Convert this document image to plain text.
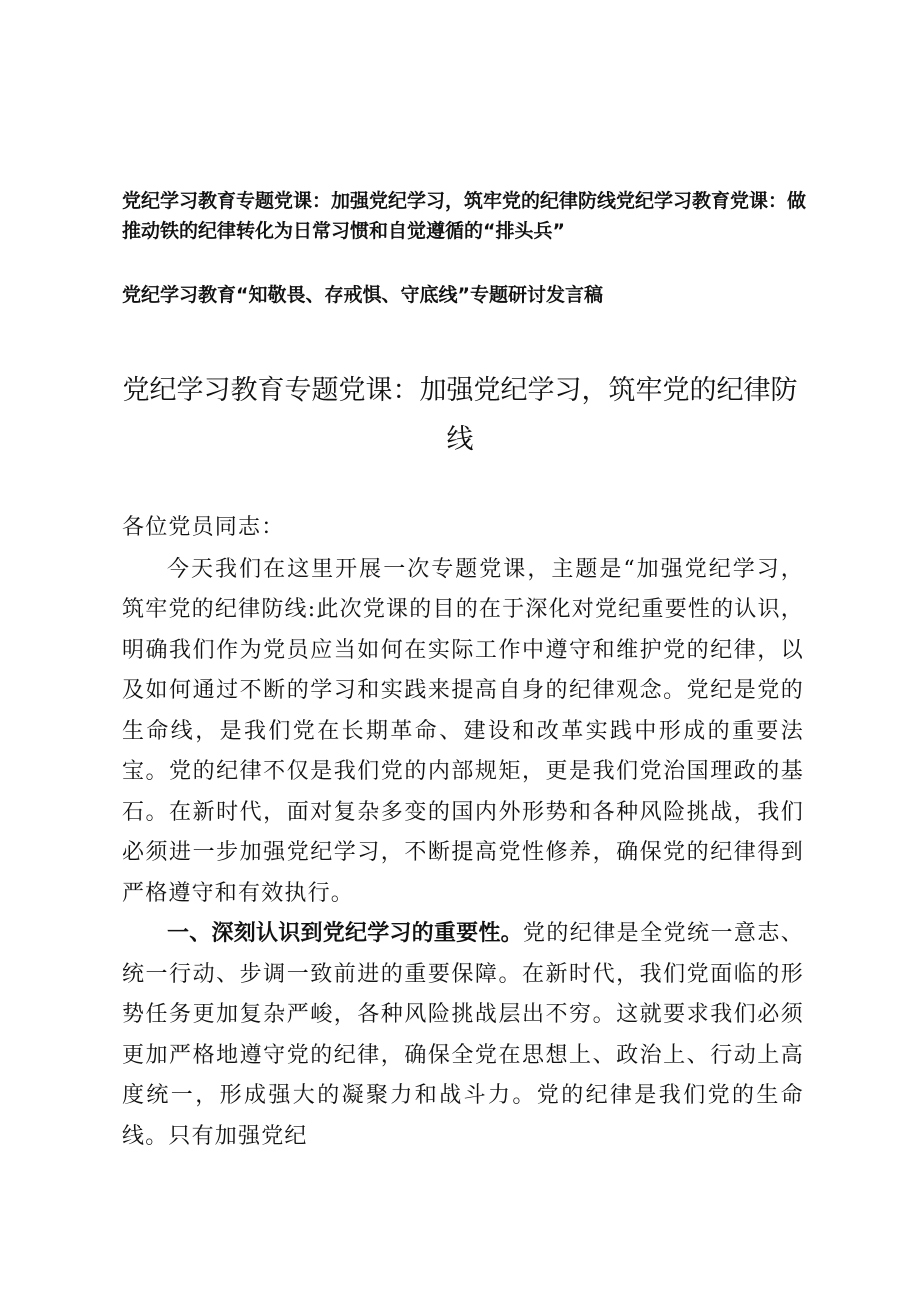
党纪学习教育专题党课：加强党纪学习，筑牢党的纪律防线党纪学习教育党课：做推动铁的纪律转化为日常习惯和自觉遵循的“排头兵”
党纪学习教育“知敬畏、存戒惧、守底线”专题研讨发言稿
党纪学习教育专题党课：加强党纪学习，筑牢党的纪律防线

各位党员同志：

今天我们在这里开展一次专题党课，主题是“加强党纪学习，筑牢党的纪律防线:此次党课的目的在于深化对党纪重要性的认识，明确我们作为党员应当如何在实际工作中遵守和维护党的纪律，以及如何通过不断的学习和实践来提高自身的纪律观念。党纪是党的生命线，是我们党在长期革命、建设和改革实践中形成的重要法宝。党的纪律不仅是我们党的内部规矩，更是我们党治国理政的基石。在新时代，面对复杂多变的国内外形势和各种风险挑战，我们必须进一步加强党纪学习，不断提高党性修养，确保党的纪律得到严格遵守和有效执行。

一、深刻认识到党纪学习的重要性。党的纪律是全党统一意志、统一行动、步调一致前进的重要保障。在新时代，我们党面临的形势任务更加复杂严峻，各种风险挑战层出不穷。这就要求我们必须更加严格地遵守党的纪律，确保全党在思想上、政治上、行动上高度统一，形成强大的凝聚力和战斗力。党的纪律是我们党的生命线。只有加强党纪
